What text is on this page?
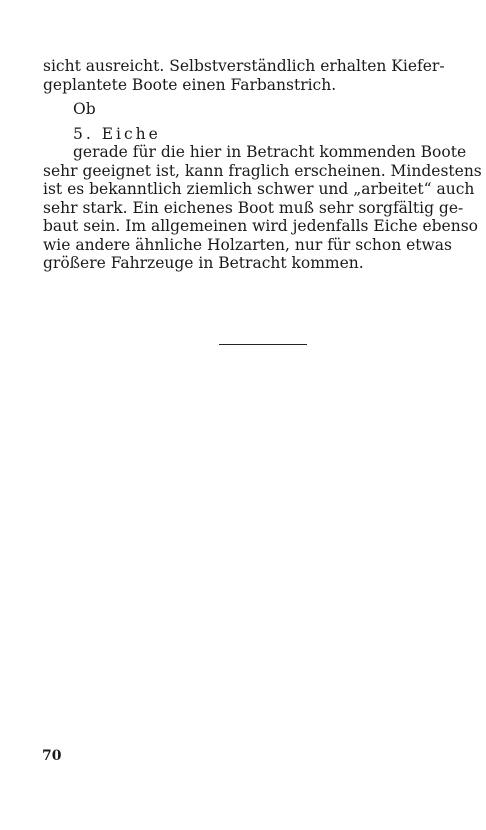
sicht ausreicht. Selbstverständlich erhalten Kiefer-
geplantete Boote einen Farbanstrich.
Ob
5. Eiche
gerade für die hier in Betracht kommenden Boote
sehr geeignet ist, kann fraglich erscheinen. Mindestens
ist es bekanntlich ziemlich schwer und „arbeitet“ auch
sehr stark. Ein eichenes Boot muß sehr sorgfältig ge-
baut sein. Im allgemeinen wird jedenfalls Eiche ebenso
wie andere ähnliche Holzarten, nur für schon etwas
größere Fahrzeuge in Betracht kommen.
70
